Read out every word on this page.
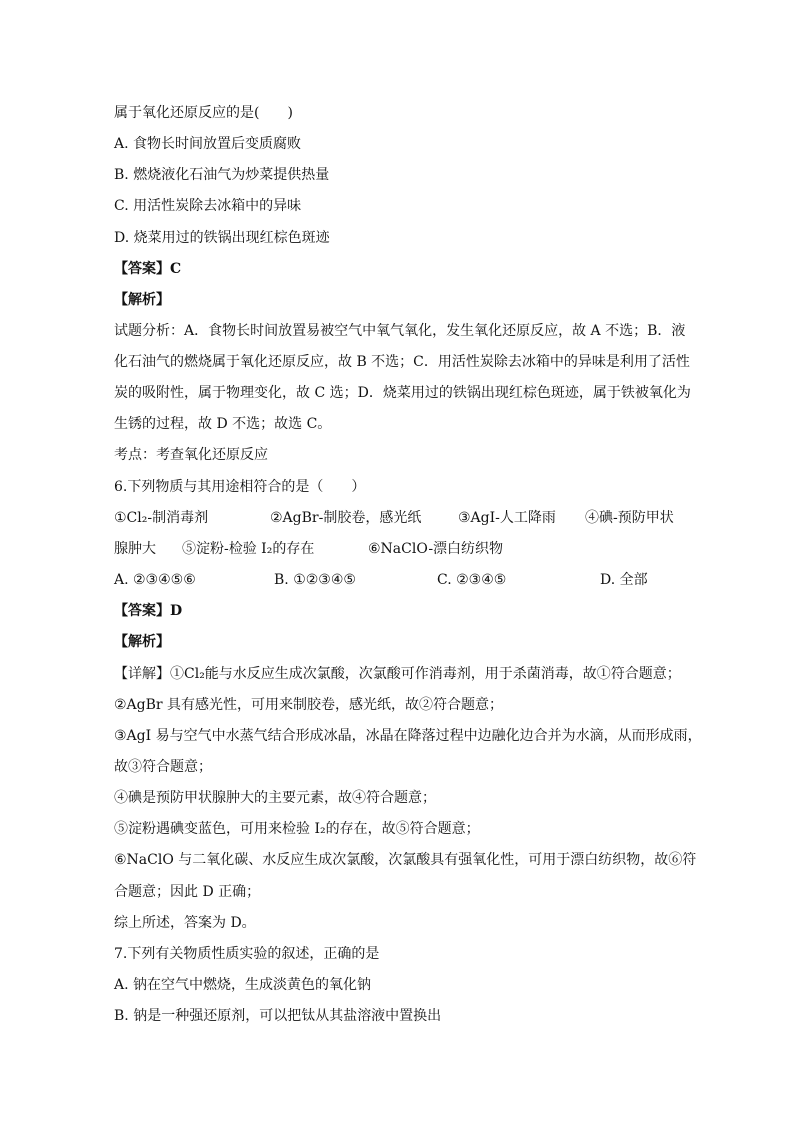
属于氧化还原反应的是(　　)
A. 食物长时间放置后变质腐败
B. 燃烧液化石油气为炒菜提供热量
C. 用活性炭除去冰箱中的异味
D. 烧菜用过的铁锅出现红棕色斑迹
【答案】C
【解析】
试题分析：A．食物长时间放置易被空气中氧气氧化，发生氧化还原反应，故 A 不选；B．液
化石油气的燃烧属于氧化还原反应，故 B 不选；C．用活性炭除去冰箱中的异味是利用了活性
炭的吸附性，属于物理变化，故 C 选；D．烧菜用过的铁锅出现红棕色斑迹，属于铁被氧化为
生锈的过程，故 D 不选；故选 C。
考点：考查氧化还原反应
6.下列物质与其用途相符合的是（　　）
①Cl₂-制消毒剂	②AgBr-制胶卷，感光纸	③AgI-人工降雨 ④碘-预防甲状
腺肿大 ⑤淀粉-检验 I₂的存在	⑥NaClO-漂白纺织物
A. ②③④⑤⑥	B. ①②③④⑤	C. ②③④⑤	D. 全部
【答案】D
【解析】
【详解】①Cl₂能与水反应生成次氯酸，次氯酸可作消毒剂，用于杀菌消毒，故①符合题意；
②AgBr 具有感光性，可用来制胶卷，感光纸，故②符合题意；
③AgI 易与空气中水蒸气结合形成冰晶，冰晶在降落过程中边融化边合并为水滴，从而形成雨，
故③符合题意；
④碘是预防甲状腺肿大的主要元素，故④符合题意；
⑤淀粉遇碘变蓝色，可用来检验 I₂的存在，故⑤符合题意；
⑥NaClO 与二氧化碳、水反应生成次氯酸，次氯酸具有强氧化性，可用于漂白纺织物，故⑥符
合题意；因此 D 正确；
综上所述，答案为 D。
7.下列有关物质性质实验的叙述，正确的是
A. 钠在空气中燃烧，生成淡黄色的氧化钠
B. 钠是一种强还原剂，可以把钛从其盐溶液中置换出
